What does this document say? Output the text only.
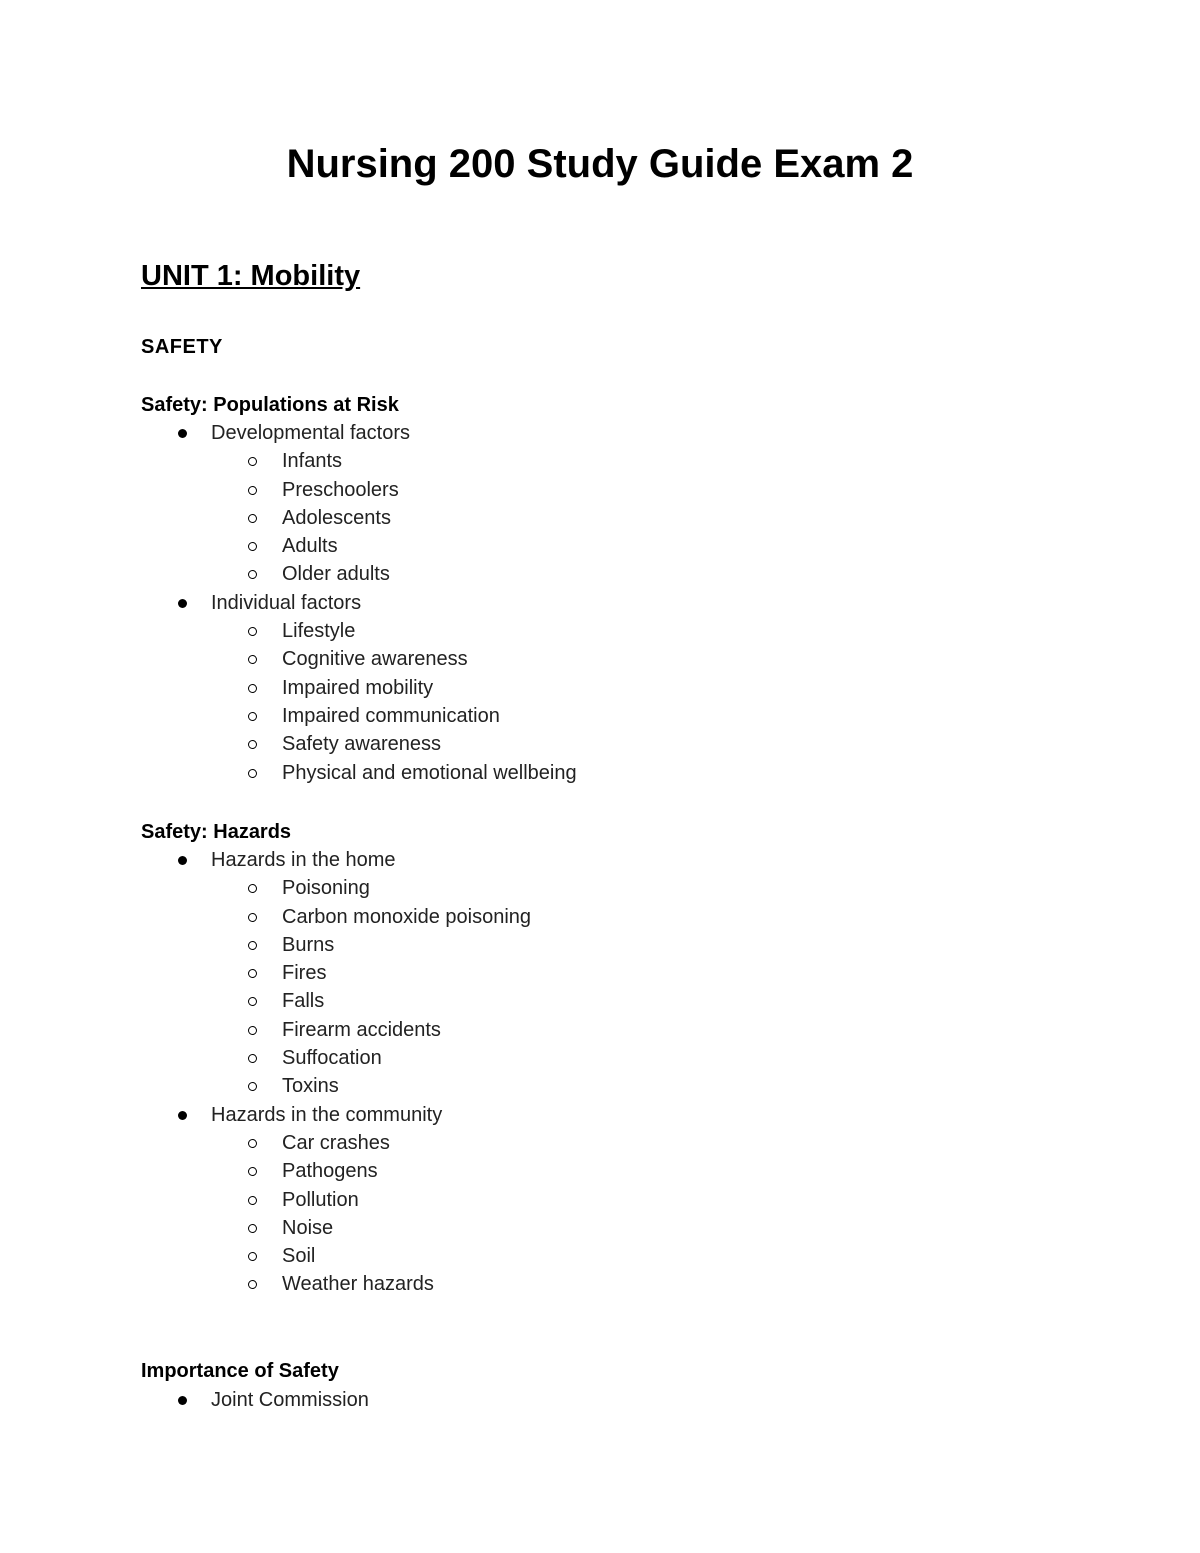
Nursing 200 Study Guide Exam 2
UNIT 1: Mobility
SAFETY
Safety: Populations at Risk
Developmental factors
Infants
Preschoolers
Adolescents
Adults
Older adults
Individual factors
Lifestyle
Cognitive awareness
Impaired mobility
Impaired communication
Safety awareness
Physical and emotional wellbeing
Safety: Hazards
Hazards in the home
Poisoning
Carbon monoxide poisoning
Burns
Fires
Falls
Firearm accidents
Suffocation
Toxins
Hazards in the community
Car crashes
Pathogens
Pollution
Noise
Soil
Weather hazards
Importance of Safety
Joint Commission
